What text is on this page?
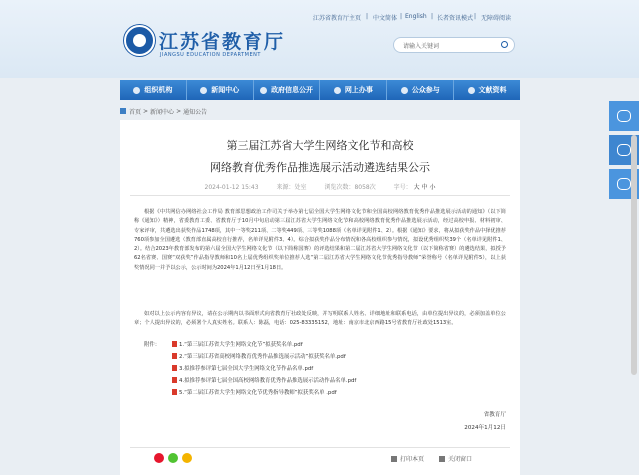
江苏省教育厅主页 | 中文简体 | English | 长者资讯模式 | 无障碍阅读
江苏省教育厅
JIANGSU EDUCATION DEPARTMENT
请输入关键词
组织机构	新闻中心	政府信息公开	网上办事	公众参与	文献资料
首页 > 新闻中心 > 通知公告
第三届江苏省大学生网络文化节和高校
网络教育优秀作品推选展示活动遴选结果公示
2024-01-12 15:43	来源：处室	浏览次数：8058次	字号： 大 中 小

根据《中共网信办网络社会工作局 教育部思想政治工作司关于举办第七届全国大学生网络文化节和全国高校网络教育优秀作品推选展示活动的通知》（以下简称《通知》）精神，省委教育工委、省教育厅于10月中旬启动第三届江苏省大学生网络文化节和高校网络教育优秀作品推选展示活动，经过高校申报、材料初审、专家评审，共遴选出获奖作品1748项，其中一等奖211项、二等奖449项、三等奖1088项（名单详见附件1、2）。根据《通知》要求，将从拟获奖作品中择优推荐760项参加全国遴选（教育部直属高校自行推荐，名单详见附件3、4）。综合拟获奖作品分布情况和各高校组织参与情况，拟设优秀组织奖39个（名单详见附件1、2）。结合2023年教育部发布的第六届全国大学生网络文化节（以下简称国赛）的评选结果和第二届江苏省大学生网络文化节（以下简称省赛）的遴选结果，拟授予62名省赛、国赛“双获奖”作品指导教师和10名上届优秀组织奖单位推荐人选“第二届江苏省大学生网络文化节优秀指导教师”荣誉称号（名单详见附件5），以上获奖情况同一并予以公示，公示时间为2024年1月12日至1月18日。

如对以上公示内容有异议，请在公示期内以书面形式向省教育厅社政处反映，并写明联系人姓名、详细地址和联系电话，由单位提出异议的，必须加盖单位公章；个人提出异议的，必须署个人真实姓名。联系人：陈磊，电话：025-83335152，地址：南京市北京西路15号省教育厅社政处1513室。

附件：	1.“第三届江苏省大学生网络文化节”拟获奖名单.pdf
2.“第三届江苏省高校网络教育优秀作品推选展示活动”拟获奖名单.pdf
3.拟推荐参评第七届全国大学生网络文化节作品名单.pdf
4.拟推荐参评第七届全国高校网络教育优秀作品推选展示活动作品名单.pdf
5.“第二届江苏省大学生网络文化节优秀指导教师”拟获奖名单 .pdf
省教育厅
2024年1月12日
打印本页	关闭窗口
